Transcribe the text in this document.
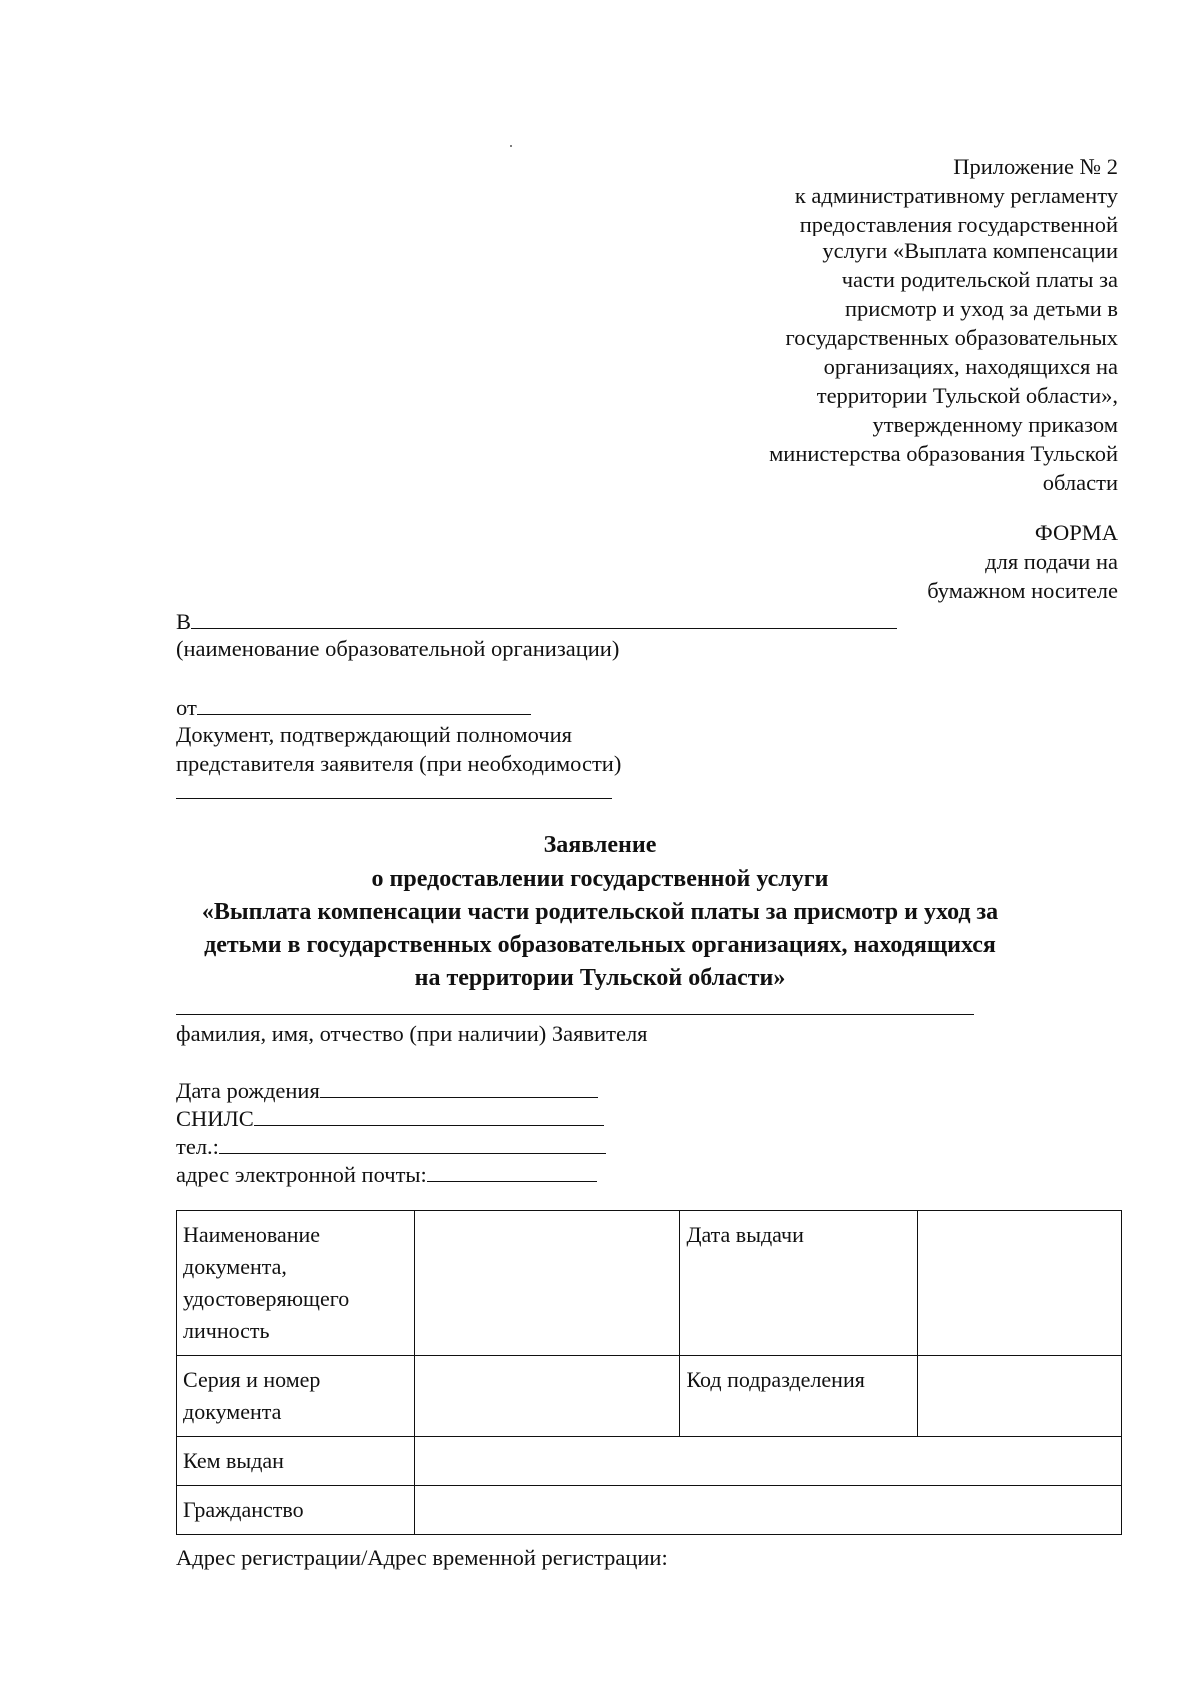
Приложение № 2
к административному регламенту
предоставления государственной
услуги «Выплата компенсации
части родительской платы за
присмотр и уход за детьми в
государственных образовательных
организациях, находящихся на
территории Тульской области»,
утвержденному приказом
министерства образования Тульской
области
ФОРМА
для подачи на
бумажном носителе
В
(наименование образовательной организации)
от
Документ, подтверждающий полномочия
представителя заявителя (при необходимости)
Заявление
о предоставлении государственной услуги
«Выплата компенсации части родительской платы за присмотр и уход за
детьми в государственных образовательных организациях, находящихся
на территории Тульской области»
фамилия, имя, отчество (при наличии) Заявителя
Дата рождения
СНИЛС
тел.:
адрес электронной почты:
Наименование документа, удостоверяющего личность		Дата выдачи	
Серия и номер документа		Код подразделения	
Кем выдан			
Гражданство			
Адрес регистрации/Адрес временной регистрации:
